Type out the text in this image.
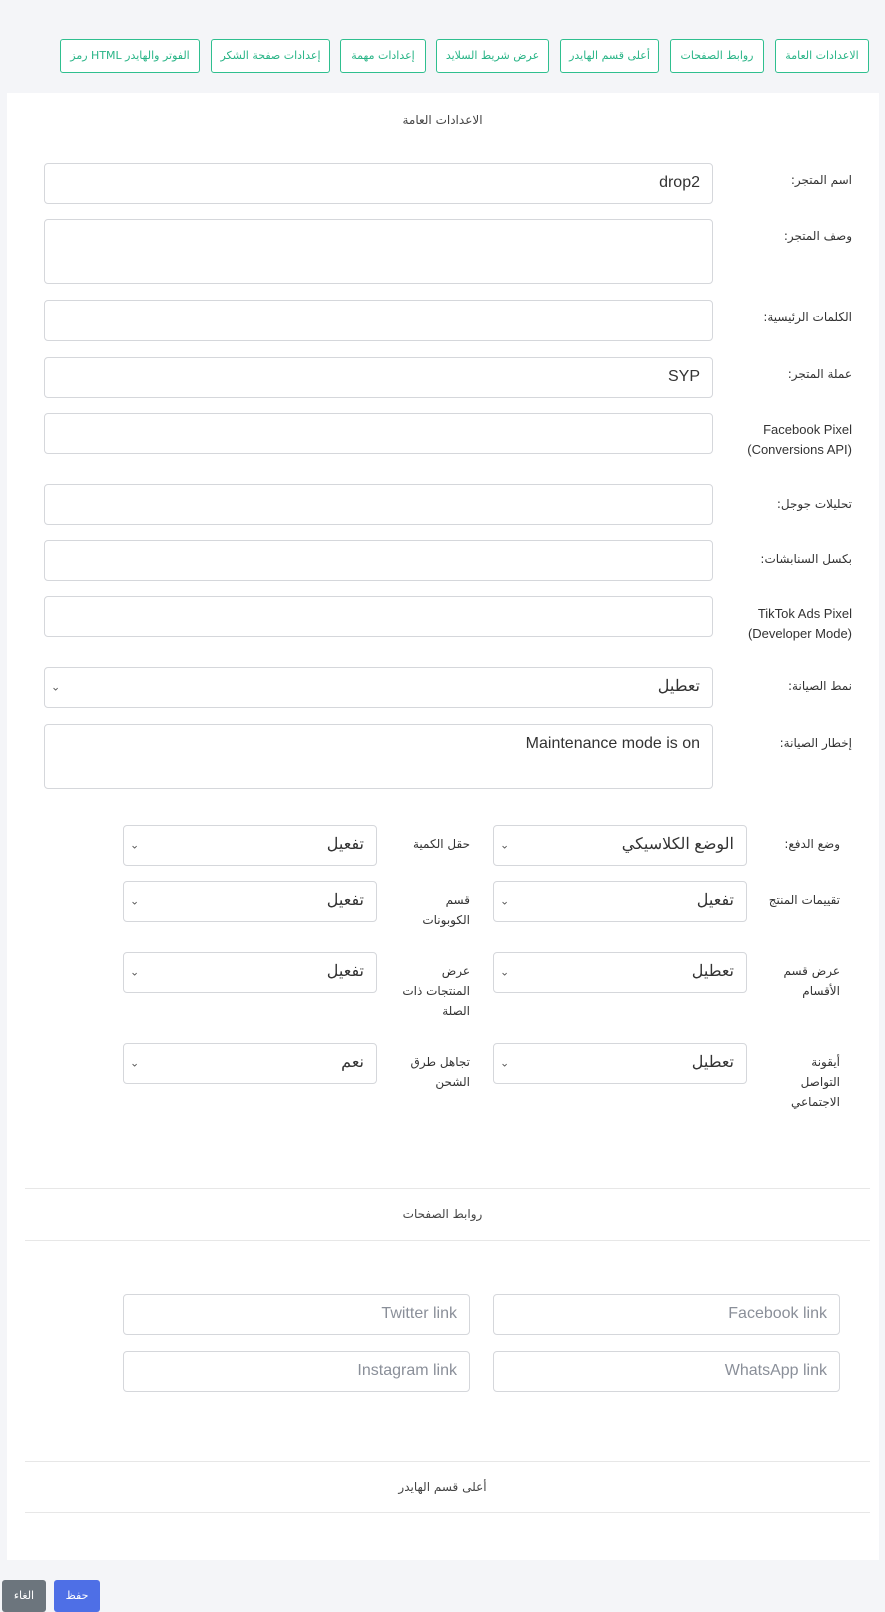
الاعدادات العامة
روابط الصفحات
أعلى قسم الهايدر
عرض شريط السلايد
إعدادات مهمة
إعدادات صفحة الشكر
رمز HTML الفوتر والهايدر
الاعدادات العامة
اسم المتجر:
drop2
وصف المتجر:
الكلمات الرئيسية:
عملة المتجر:
SYP
Facebook Pixel
(Conversions API)
تحليلات جوجل:
بكسل السنابشات:
TikTok Ads Pixel
(Developer Mode)
نمط الصيانة:
تعطيل
⌄
إخطار الصيانة:
Maintenance mode is on
وضع الدفع:
الوضع الكلاسيكي
⌄
حقل الكمية
تفعيل
⌄
تقييمات المنتج
تفعيل
⌄
قسم
الكوبونات
تفعيل
⌄
عرض قسم
الأقسام
تعطيل
⌄
عرض
المنتجات ذات
الصلة
تفعيل
⌄
أيقونة
التواصل
الاجتماعي
تعطيل
⌄
تجاهل طرق
الشحن
نعم
⌄
روابط الصفحات
Facebook link
Twitter link
WhatsApp link
Instagram link
أعلى قسم الهايدر
حفظ
الغاء
